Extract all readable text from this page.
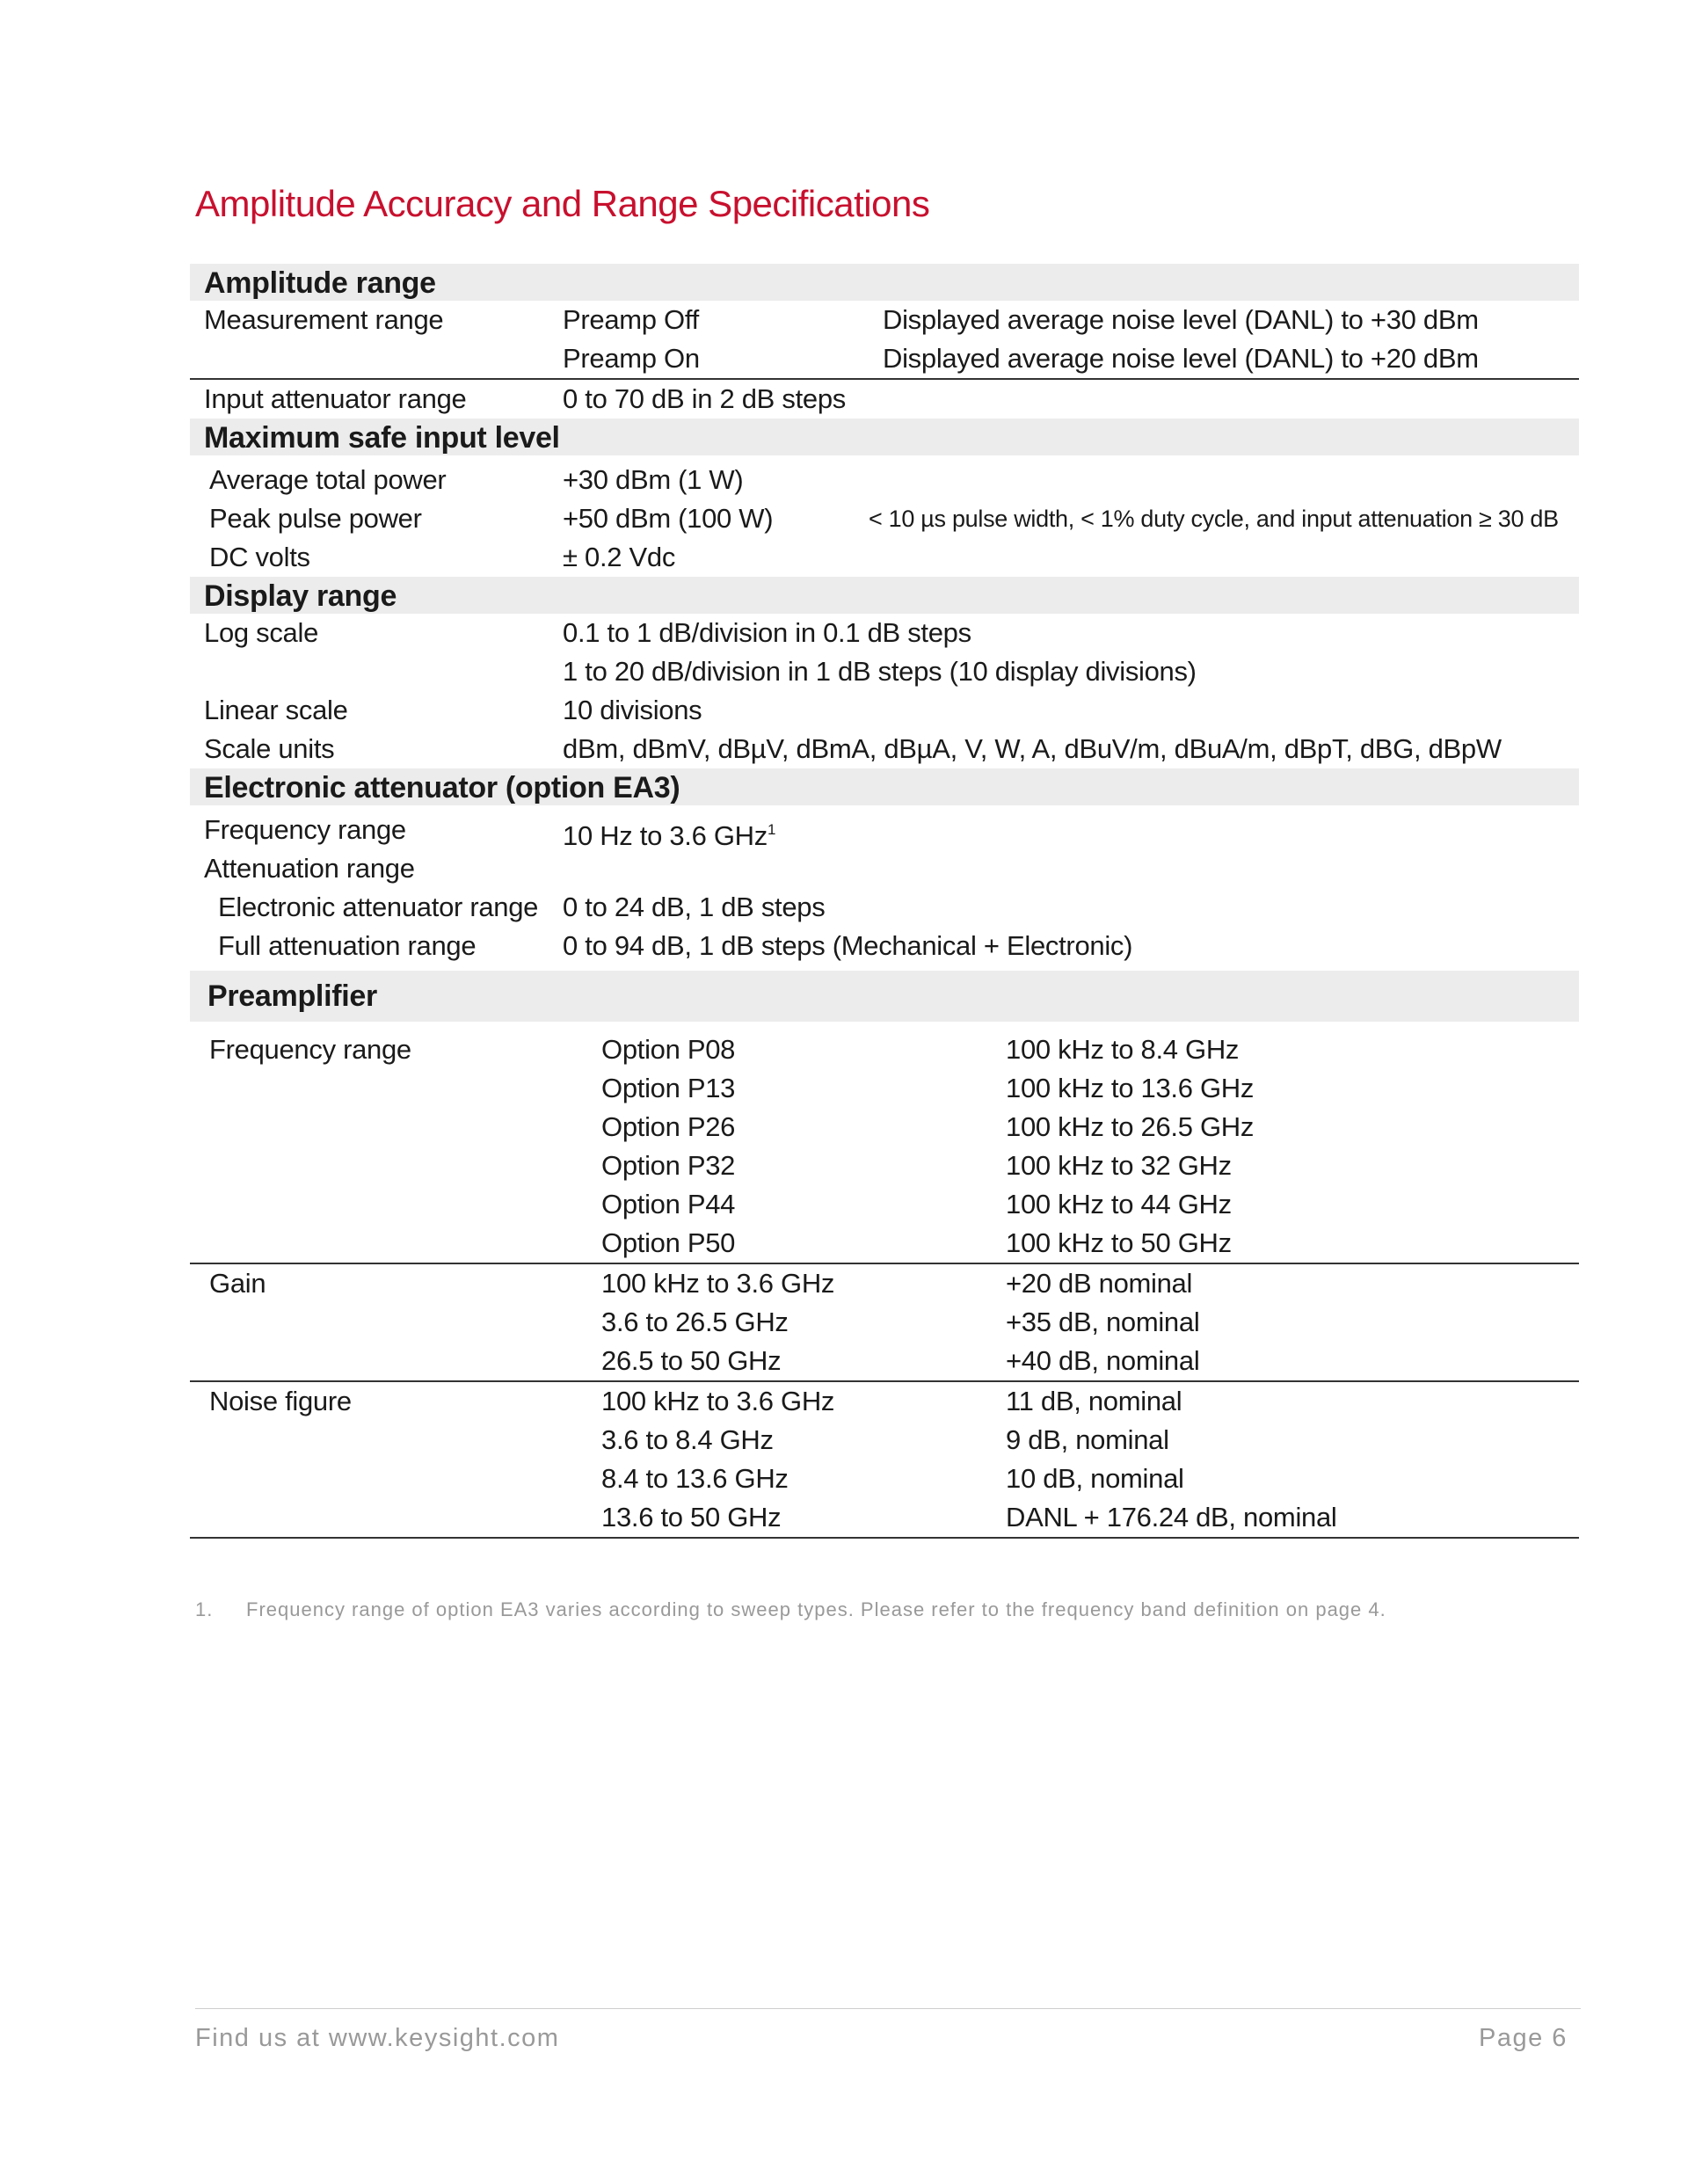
Amplitude Accuracy and Range Specifications
Amplitude range
Measurement range	Preamp Off	Displayed average noise level (DANL) to +30 dBm
Preamp On	Displayed average noise level (DANL) to +20 dBm
Input attenuator range	0 to 70 dB in 2 dB steps
Maximum safe input level
Average total power	+30 dBm (1 W)
Peak pulse power	+50 dBm (100 W)	< 10 µs pulse width, < 1% duty cycle, and input attenuation ≥ 30 dB
DC volts	± 0.2 Vdc
Display range
Log scale	0.1 to 1 dB/division in 0.1 dB steps
1 to 20 dB/division in 1 dB steps (10 display divisions)
Linear scale	10 divisions
Scale units	dBm, dBmV, dBµV, dBmA, dBµA, V, W, A, dBuV/m, dBuA/m, dBpT, dBG, dBpW
Electronic attenuator (option EA3)
Frequency range	10 Hz to 3.6 GHz$^1$
Attenuation range
Electronic attenuator range 0 to 24 dB, 1 dB steps
Full attenuation range	0 to 94 dB, 1 dB steps (Mechanical + Electronic)
Preamplifier
Frequency range	Option P08	100 kHz to 8.4 GHz
Option P13	100 kHz to 13.6 GHz
Option P26	100 kHz to 26.5 GHz
Option P32	100 kHz to 32 GHz
Option P44	100 kHz to 44 GHz
Option P50	100 kHz to 50 GHz
Gain	100 kHz to 3.6 GHz	+20 dB nominal
3.6 to 26.5 GHz	+35 dB, nominal
26.5 to 50 GHz	+40 dB, nominal
Noise figure	100 kHz to 3.6 GHz	11 dB, nominal
3.6 to 8.4 GHz	9 dB, nominal
8.4 to 13.6 GHz	10 dB, nominal
13.6 to 50 GHz	DANL + 176.24 dB, nominal
1. Frequency range of option EA3 varies according to sweep types. Please refer to the frequency band definition on page 4.
Find us at www.keysight.com	Page 6
